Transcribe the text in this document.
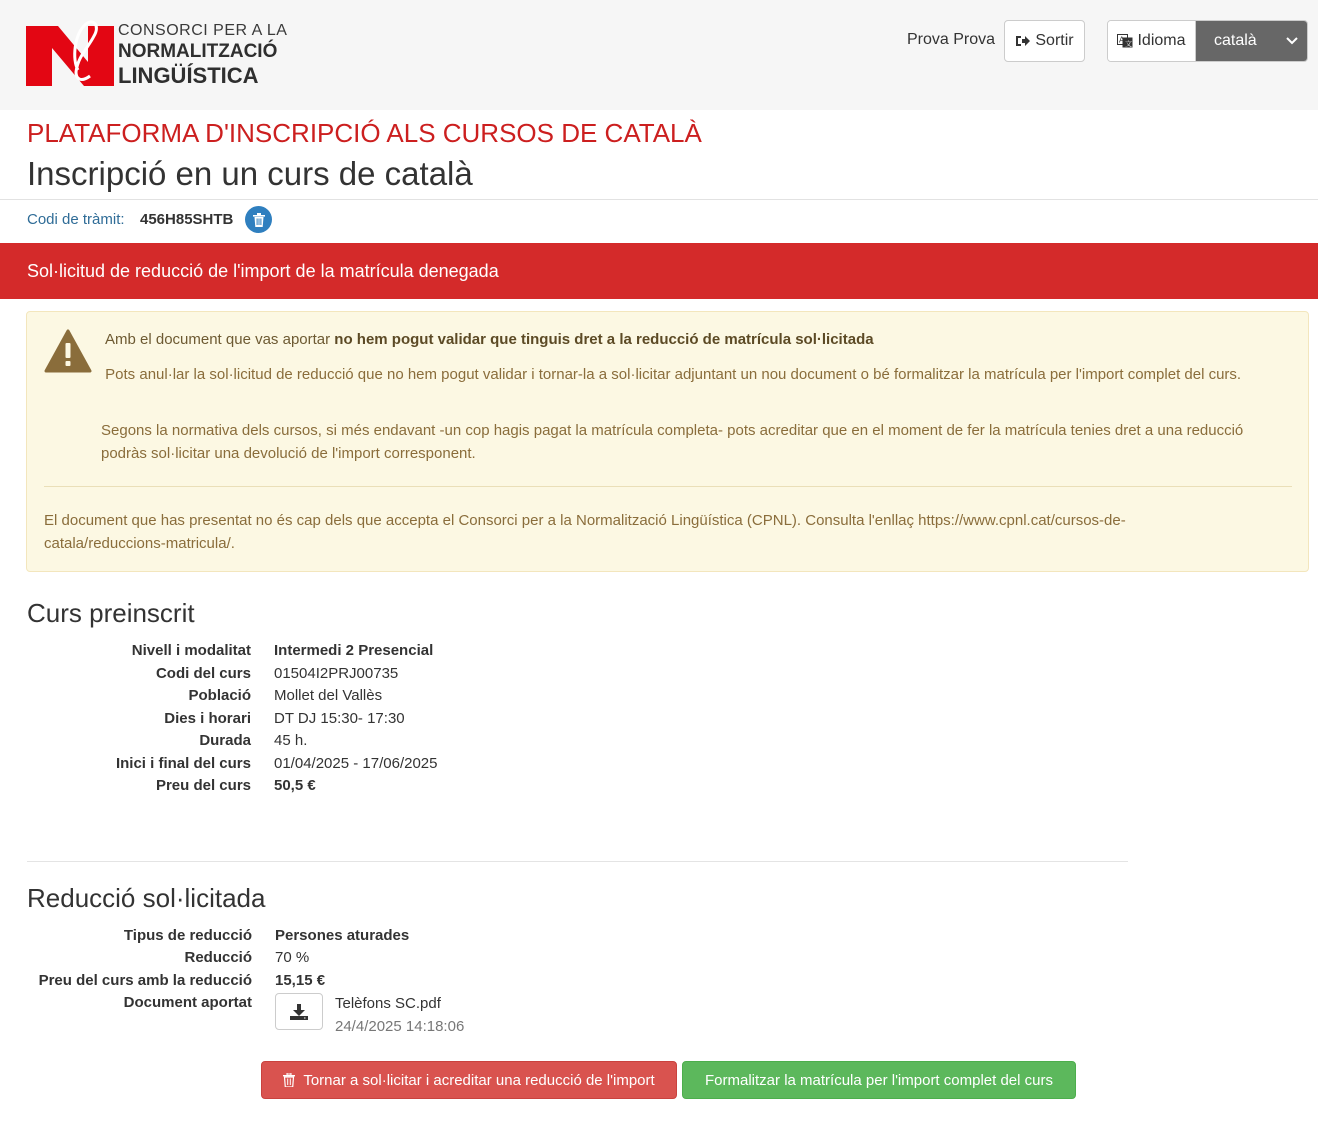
CONSORCI PER A LA
NORMALITZACIÓ
LINGÜÍSTICA
Prova Prova	Sortir	A 文 Idioma català
PLATAFORMA D'INSCRIPCIÓ ALS CURSOS DE CATALÀ
Inscripció en un curs de català
Codi de tràmit: 456H85SHTB
Sol·licitud de reducció de l'import de la matrícula denegada
Amb el document que vas aportar no hem pogut validar que tinguis dret a la reducció de matrícula sol·licitada
Pots anul·lar la sol·licitud de reducció que no hem pogut validar i tornar-la a sol·licitar adjuntant un nou document o bé formalitzar la matrícula per l'import complet del curs.
Segons la normativa dels cursos, si més endavant -un cop hagis pagat la matrícula completa- pots acreditar que en el moment de fer la matrícula tenies dret a una reducció podràs sol·licitar una devolució de l'import corresponent.
El document que has presentat no és cap dels que accepta el Consorci per a la Normalització Lingüística (CPNL). Consulta l'enllaç https://www.cpnl.cat/cursos-de-catala/reduccions-matricula/.
Curs preinscrit
Nivell i modalitat Intermedi 2 Presencial
Codi del curs 01504I2PRJ00735
Població Mollet del Vallès
Dies i horari DT DJ 15:30- 17:30
Durada 45 h.
Inici i final del curs 01/04/2025 - 17/06/2025
Preu del curs 50,5 €
Reducció sol·licitada
Tipus de reducció Persones aturades
Reducció 70 %
Preu del curs amb la reducció 15,15 €
Document aportat	Telèfons SC.pdf
24/4/2025 14:18:06
Tornar a sol·licitar i acreditar una reducció de l'import	Formalitzar la matrícula per l'import complet del curs
